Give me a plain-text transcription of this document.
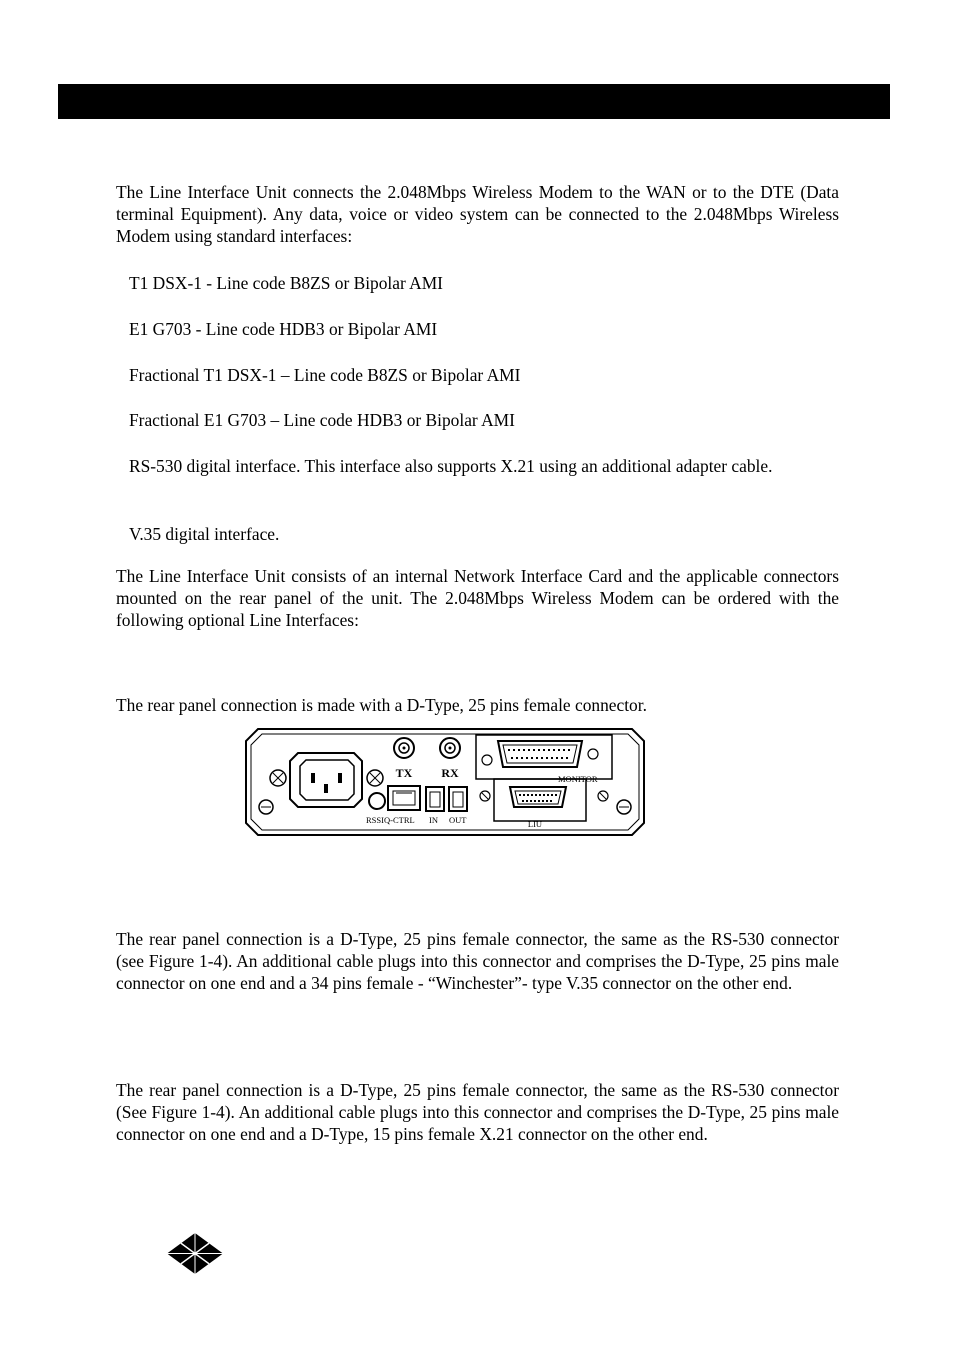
The Line Interface Unit connects the 2.048Mbps Wireless Modem to the WAN or to the DTE (Data terminal Equipment). Any data, voice or video system can be connected to the 2.048Mbps Wireless Modem using standard interfaces:

T1 DSX-1 - Line code B8ZS or Bipolar AMI

E1 G703 - Line code HDB3 or Bipolar AMI

Fractional T1 DSX-1 – Line code B8ZS or Bipolar AMI

Fractional E1 G703 – Line code HDB3 or Bipolar AMI

RS-530 digital interface. This interface also supports X.21 using an additional adapter cable.

V.35 digital interface.

The Line Interface Unit consists of an internal Network Interface Card and the applicable connectors mounted on the rear panel of the unit. The 2.048Mbps Wireless Modem can be ordered with the following optional Line Interfaces:

The rear panel connection is made with a D-Type, 25 pins female connector.

TX RX
RSSI Q-CTRL IN OUT
MONITOR
LIU

The rear panel connection is a D-Type, 25 pins female connector, the same as the RS-530 connector (see Figure 1-4). An additional cable plugs into this connector and comprises the D-Type, 25 pins male connector on one end and a 34 pins female - “Winchester”- type V.35 connector on the other end.

The rear panel connection is a D-Type, 25 pins female connector, the same as the RS-530 connector (See Figure 1-4). An additional cable plugs into this connector and comprises the D-Type, 25 pins male connector on one end and a D-Type, 15 pins female X.21 connector on the other end.
